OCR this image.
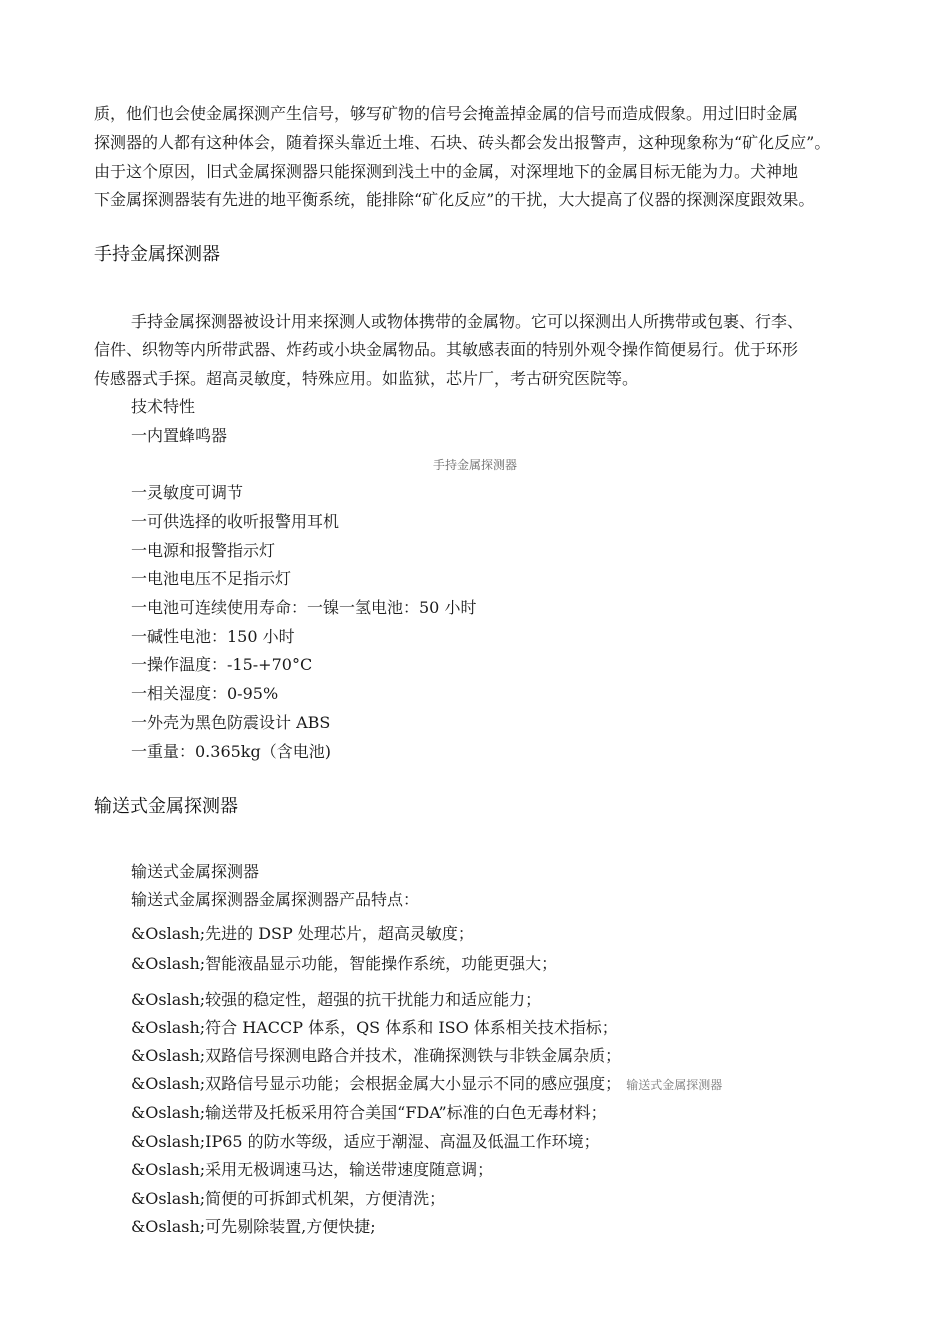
质，他们也会使金属探测产生信号，够写矿物的信号会掩盖掉金属的信号而造成假象。用过旧时金属
探测器的人都有这种体会，随着探头靠近土堆、石块、砖头都会发出报警声，这种现象称为“矿化反应”。
由于这个原因，旧式金属探测器只能探测到浅土中的金属，对深埋地下的金属目标无能为力。犬神地
下金属探测器装有先进的地平衡系统，能排除“矿化反应”的干扰，大大提高了仪器的探测深度跟效果。
手持金属探测器
手持金属探测器被设计用来探测人或物体携带的金属物。它可以探测出人所携带或包裹、行李、
信件、织物等内所带武器、炸药或小块金属物品。其敏感表面的特别外观令操作简便易行。优于环形
传感器式手探。超高灵敏度，特殊应用。如监狱，芯片厂，考古研究医院等。
技术特性
一内置蜂鸣器
手持金属探测器
一灵敏度可调节
一可供选择的收听报警用耳机
一电源和报警指示灯
一电池电压不足指示灯
一电池可连续使用寿命：一镍一氢电池：50 小时
一碱性电池：150 小时
一操作温度：-15-+70°C
一相关湿度：0-95%
一外壳为黑色防震设计 ABS
一重量：0.365kg（含电池)
输送式金属探测器
输送式金属探测器
输送式金属探测器金属探测器产品特点：
&Oslash;先进的 DSP 处理芯片，超高灵敏度；
&Oslash;智能液晶显示功能，智能操作系统，功能更强大；
&Oslash;较强的稳定性，超强的抗干扰能力和适应能力；
&Oslash;符合 HACCP 体系，QS 体系和 ISO 体系相关技术指标；
&Oslash;双路信号探测电路合并技术，准确探测铁与非铁金属杂质；
&Oslash;双路信号显示功能；会根据金属大小显示不同的感应强度； 输送式金属探测器
&Oslash;输送带及托板采用符合美国“FDA”标准的白色无毒材料；
&Oslash;IP65 的防水等级，适应于潮湿、高温及低温工作环境；
&Oslash;采用无极调速马达，输送带速度随意调；
&Oslash;简便的可拆卸式机架，方便清洗；
&Oslash;可先剔除装置,方便快捷;
